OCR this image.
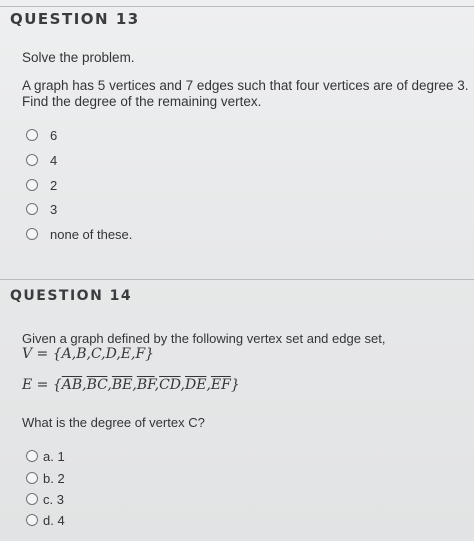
QUESTION 13
Solve the problem.
A graph has 5 vertices and 7 edges such that four vertices are of degree 3.
Find the degree of the remaining vertex.
6
4
2
3
none of these.
QUESTION 14
Given a graph defined by the following vertex set and edge set,
V = {A,B,C,D,E,F}
$E = \{\overline{AB},\overline{BC},\overline{BE},\overline{BF},\overline{CD},\overline{DE},\overline{EF}\}$
What is the degree of vertex C?
a. 1
b. 2
c. 3
d. 4
